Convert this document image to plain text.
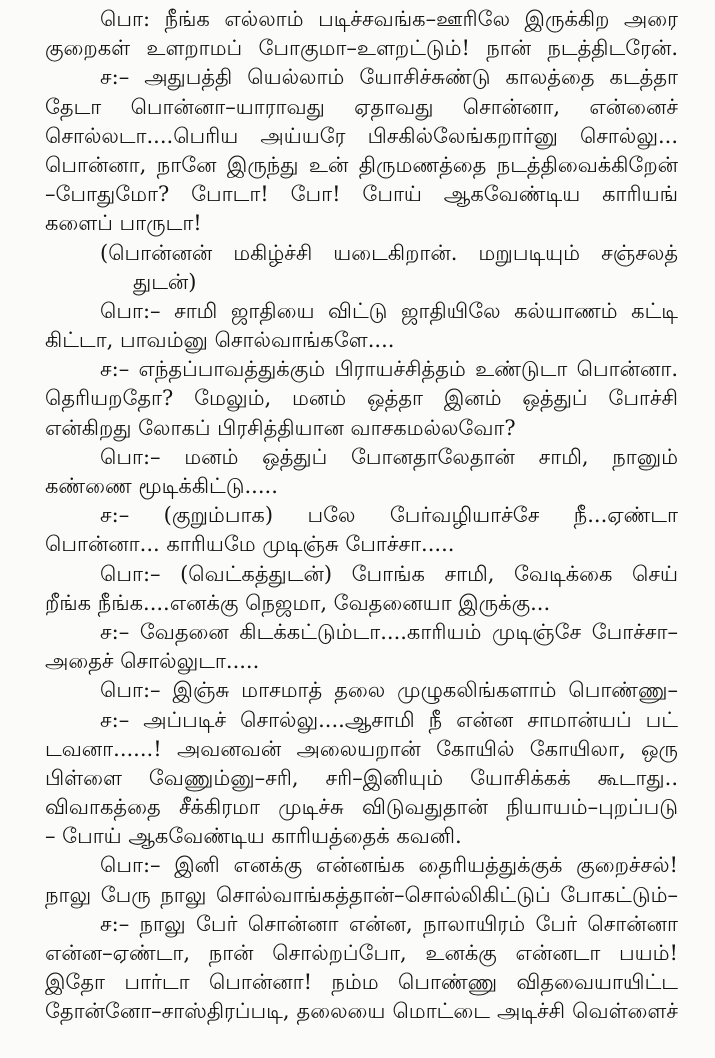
பொ: நீங்க எல்லாம் படிச்சவங்க–ஊரிலே இருக்கிற அரை
குறைகள் உளறாமப் போகுமா–உளறட்டும்! நான் நடத்திடரேன்.
ச:– அதுபத்தி யெல்லாம் யோசிச்சுண்டு காலத்தை கடத்தா
தேடா பொன்னா–யாராவது ஏதாவது சொன்னா, என்னைச்
சொல்லடா....பெரிய அய்யரே பிசகில்லேங்கறார்னு சொல்லு...
பொன்னா, நானே இருந்து உன் திருமணத்தை நடத்திவைக்கிறேன்
–போதுமோ? போடா! போ! போய் ஆகவேண்டிய காரியங்
களைப் பாருடா!
(பொன்னன் மகிழ்ச்சி யடைகிறான். மறுபடியும் சஞ்சலத்
துடன்)
பொ:– சாமி ஜாதியை விட்டு ஜாதியிலே கல்யாணம் கட்டி
கிட்டா, பாவம்னு சொல்வாங்களே....
ச:– எந்தப்பாவத்துக்கும் பிராயச்சித்தம் உண்டுடா பொன்னா.
தெரியறதோ? மேலும், மனம் ஒத்தா இனம் ஒத்துப் போச்சி
என்கிறது லோகப் பிரசித்தியான வாசகமல்லவோ?
பொ:– மனம் ஒத்துப் போனதாலேதான் சாமி, நானும்
கண்ணை மூடிக்கிட்டு.....
ச:– (குறும்பாக) பலே பேர்வழியாச்சே நீ...ஏண்டா
பொன்னா... காரியமே முடிஞ்சு போச்சா.....
பொ:– (வெட்கத்துடன்) போங்க சாமி, வேடிக்கை செய்
றீங்க நீங்க....எனக்கு நெஜமா, வேதனையா இருக்கு...
ச:– வேதனை கிடக்கட்டும்டா....காரியம் முடிஞ்சே போச்சா–
அதைச் சொல்லுடா.....
பொ:– இஞ்சு மாசமாத் தலை முழுகலிங்களாம் பொண்ணு–
ச:– அப்படிச் சொல்லு....ஆசாமி நீ என்ன சாமான்யப் பட்
டவனா......! அவனவன் அலையறான் கோயில் கோயிலா, ஒரு
பிள்ளை வேணும்னு–சரி, சரி–இனியும் யோசிக்கக் கூடாது..
விவாகத்தை சீக்கிரமா முடிச்சு விடுவதுதான் நியாயம்–புறப்படு
– போய் ஆகவேண்டிய காரியத்தைக் கவனி.
பொ:– இனி எனக்கு என்னங்க தைரியத்துக்குக் குறைச்சல்!
நாலு பேரு நாலு சொல்வாங்கத்தான்–சொல்லிகிட்டுப் போகட்டும்–
ச:– நாலு பேர் சொன்னா என்ன, நாலாயிரம் பேர் சொன்னா
என்ன–ஏண்டா, நான் சொல்றப்போ, உனக்கு என்னடா பயம்!
இதோ பார்டா பொன்னா! நம்ம பொண்ணு விதவையாயிட்ட
தோன்னோ–சாஸ்திரப்படி, தலையை மொட்டை அடிச்சி வெள்ளைச்
